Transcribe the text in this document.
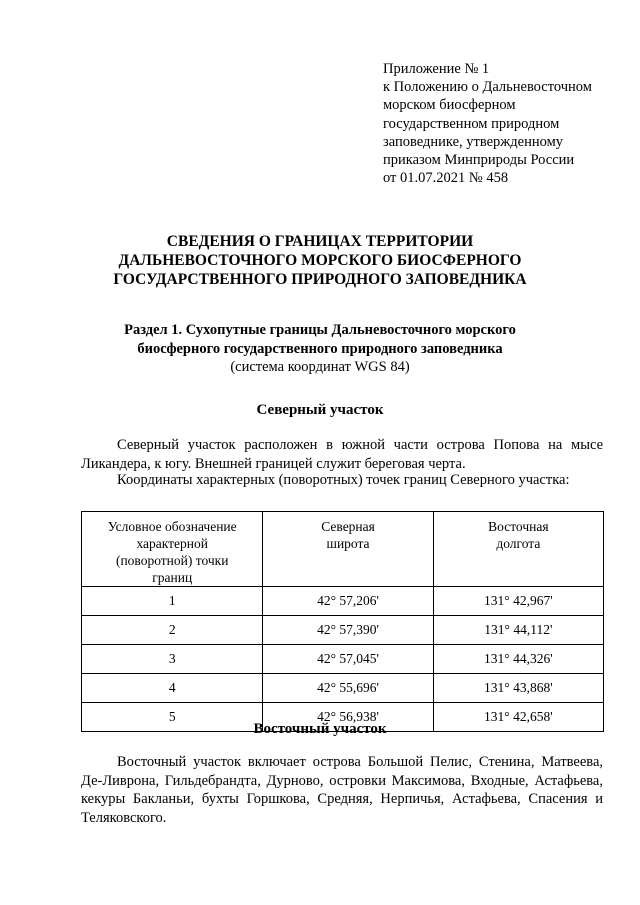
Приложение № 1
к Положению о Дальневосточном
морском биосферном
государственном природном
заповеднике, утвержденному
приказом Минприроды России
от 01.07.2021 № 458
СВЕДЕНИЯ О ГРАНИЦАХ ТЕРРИТОРИИ
ДАЛЬНЕВОСТОЧНОГО МОРСКОГО БИОСФЕРНОГО
ГОСУДАРСТВЕННОГО ПРИРОДНОГО ЗАПОВЕДНИКА
Раздел 1. Сухопутные границы Дальневосточного морского
биосферного государственного природного заповедника
(система координат WGS 84)
Северный участок
Северный участок расположен в южной части острова Попова на мысе Ликандера, к югу. Внешней границей служит береговая черта.
Координаты характерных (поворотных) точек границ Северного участка:
Условное обозначение характерной (поворотной) точки границ	Северная широта	Восточная долгота

1	42° 57,206'	131° 42,967'
2	42° 57,390'	131° 44,112'
3	42° 57,045'	131° 44,326'
4	42° 55,696'	131° 43,868'
5	42° 56,938'	131° 42,658'
Восточный участок
Восточный участок включает острова Большой Пелис, Стенина, Матвеева, Де-Ливрона, Гильдебрандта, Дурново, островки Максимова, Входные, Астафьева, кекуры Бакланьи, бухты Горшкова, Средняя, Нерпичья, Астафьева, Спасения и Теляковского.
